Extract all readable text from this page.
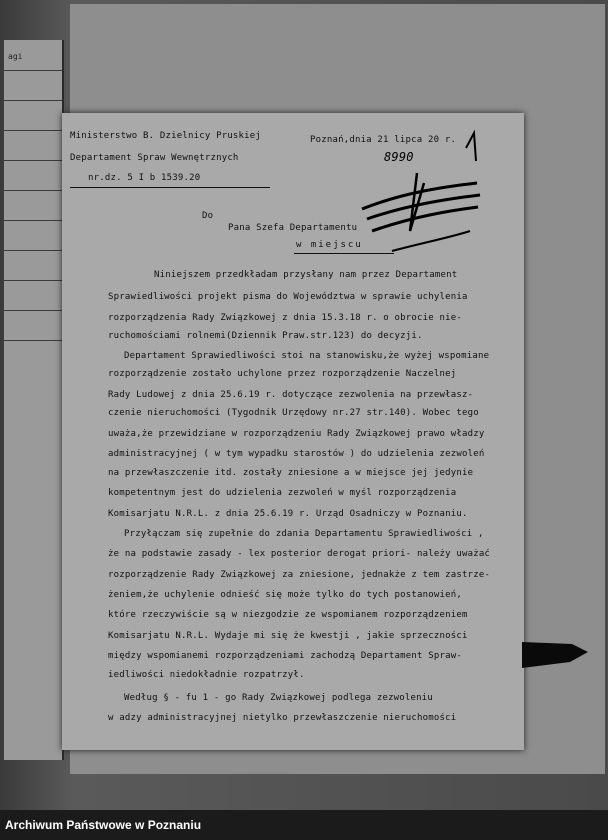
agi
Ministerstwo B. Dzielnicy Pruskiej
Departament Spraw Wewnętrznych
nr.dz. 5 I b 1539.20
Poznań,dnia 21 lipca 20 r.
8990
Do
Pana Szefa Departamentu
w miejscu
Niniejszem przedkładam przysłany nam przez Departament
Sprawiedliwości projekt pisma do Województwa w sprawie uchylenia
rozporządzenia Rady Związkowej z dnia 15.3.18 r. o obrocie nie-
ruchomościami rolnemi(Dziennik Praw.str.123) do decyzji.
Departament Sprawiedliwości stoi na stanowisku,że wyżej wspomiane
rozporządzenie zostało uchylone przez rozporządzenie Naczelnej
Rady Ludowej z dnia 25.6.19 r. dotyczące zezwolenia na przewłasz-
czenie nieruchomości (Tygodnik Urzędowy nr.27 str.140). Wobec tego
uważa,że przewidziane w rozporządzeniu Rady Związkowej prawo władzy
administracyjnej ( w tym wypadku starostów ) do udzielenia zezwoleń
na przewłaszczenie itd. zostały zniesione a w miejsce jej jedynie
kompetentnym jest do udzielenia zezwoleń w myśl rozporządzenia
Komisarjatu N.R.L. z dnia 25.6.19 r. Urząd Osadniczy w Poznaniu.
Przyłączam się zupełnie do zdania Departamentu Sprawiedliwości ,
że na podstawie zasady - lex posterior derogat priori- należy uważać
rozporządzenie Rady Związkowej za zniesione, jednakże z tem zastrze-
żeniem,że uchylenie odnieść się może tylko do tych postanowień,
które rzeczywiście są w niezgodzie ze wspomianem rozporządzeniem
Komisarjatu N.R.L. Wydaje mi się że kwestji , jakie sprzeczności
między wspomianemi rozporządzeniami zachodzą Departament Spraw-
iedliwości niedokładnie rozpatrzył.
Według § - fu 1 - go Rady Związkowej podlega zezwoleniu
w adzy administracyjnej nietylko przewłaszczenie nieruchomości
Archiwum Państwowe w Poznaniu
